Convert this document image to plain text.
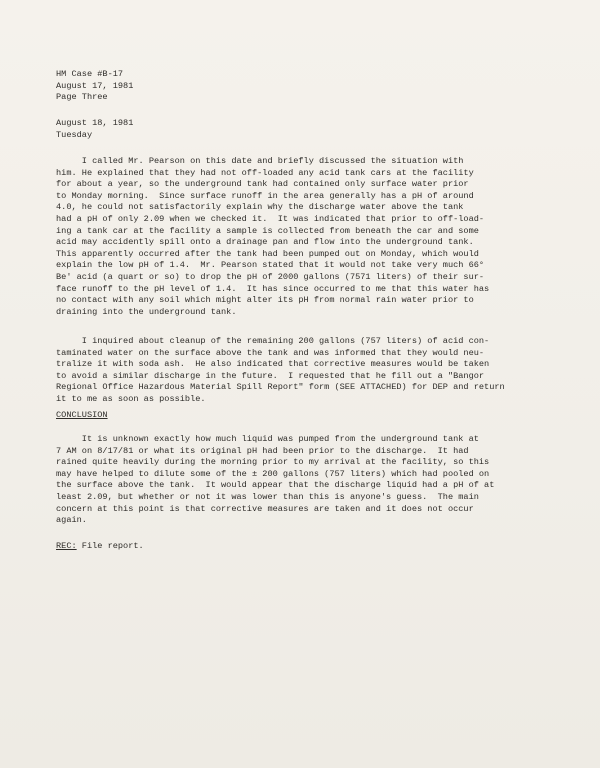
HM Case #B-17
August 17, 1981
Page Three
August 18, 1981
Tuesday
I called Mr. Pearson on this date and briefly discussed the situation with
him. He explained that they had not off-loaded any acid tank cars at the facility
for about a year, so the underground tank had contained only surface water prior
to Monday morning.  Since surface runoff in the area generally has a pH of around
4.0, he could not satisfactorily explain why the discharge water above the tank
had a pH of only 2.09 when we checked it.  It was indicated that prior to off-load-
ing a tank car at the facility a sample is collected from beneath the car and some
acid may accidently spill onto a drainage pan and flow into the underground tank.
This apparently occurred after the tank had been pumped out on Monday, which would
explain the low pH of 1.4.  Mr. Pearson stated that it would not take very much 66°
Be' acid (a quart or so) to drop the pH of 2000 gallons (7571 liters) of their sur-
face runoff to the pH level of 1.4.  It has since occurred to me that this water has
no contact with any soil which might alter its pH from normal rain water prior to
draining into the underground tank.
I inquired about cleanup of the remaining 200 gallons (757 liters) of acid con-
taminated water on the surface above the tank and was informed that they would neu-
tralize it with soda ash.  He also indicated that corrective measures would be taken
to avoid a similar discharge in the future.  I requested that he fill out a "Bangor
Regional Office Hazardous Material Spill Report" form (SEE ATTACHED) for DEP and return
it to me as soon as possible.
CONCLUSION
It is unknown exactly how much liquid was pumped from the underground tank at
7 AM on 8/17/81 or what its original pH had been prior to the discharge.  It had
rained quite heavily during the morning prior to my arrival at the facility, so this
may have helped to dilute some of the ± 200 gallons (757 liters) which had pooled on
the surface above the tank.  It would appear that the discharge liquid had a pH of at
least 2.09, but whether or not it was lower than this is anyone's guess.  The main
concern at this point is that corrective measures are taken and it does not occur
again.
REC: File report.
